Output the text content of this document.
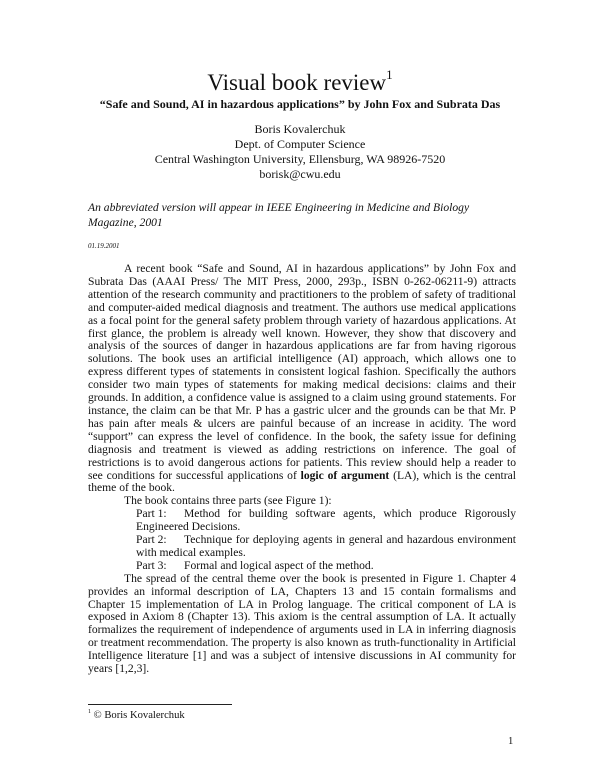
Visual book review$^1$
“Safe and Sound, AI in hazardous applications” by John Fox and Subrata Das
Boris Kovalerchuk
Dept. of Computer Science
Central Washington University, Ellensburg, WA 98926-7520
borisk@cwu.edu
An abbreviated version will appear in IEEE Engineering in Medicine and Biology Magazine, 2001
01.19.2001

A recent book “Safe and Sound, AI in hazardous applications” by John Fox and Subrata Das (AAAI Press/ The MIT Press, 2000, 293p., ISBN 0-262-06211-9) attracts attention of the research community and practitioners to the problem of safety of traditional and computer-aided medical diagnosis and treatment. The authors use medical applications as a focal point for the general safety problem through variety of hazardous applications. At first glance, the problem is already well known. However, they show that discovery and analysis of the sources of danger in hazardous applications are far from having rigorous solutions. The book uses an artificial intelligence (AI) approach, which allows one to express different types of statements in consistent logical fashion. Specifically the authors consider two main types of statements for making medical decisions: claims and their grounds. In addition, a confidence value is assigned to a claim using ground statements. For instance, the claim can be that Mr. P has a gastric ulcer and the grounds can be that Mr. P has pain after meals & ulcers are painful because of an increase in acidity. The word “support” can express the level of confidence. In the book, the safety issue for defining diagnosis and treatment is viewed as adding restrictions on inference. The goal of restrictions is to avoid dangerous actions for patients. This review should help a reader to see conditions for successful applications of logic of argument (LA), which is the central theme of the book.

The book contains three parts (see Figure 1):

Part 1: Method for building software agents, which produce Rigorously Engineered Decisions.

Part 2: Technique for deploying agents in general and hazardous environment with medical examples.

Part 3: Formal and logical aspect of the method.

The spread of the central theme over the book is presented in Figure 1. Chapter 4 provides an informal description of LA, Chapters 13 and 15 contain formalisms and Chapter 15 implementation of LA in Prolog language. The critical component of LA is exposed in Axiom 8 (Chapter 13). This axiom is the central assumption of LA. It actually formalizes the requirement of independence of arguments used in LA in inferring diagnosis or treatment recommendation. The property is also known as truth-functionality in Artificial Intelligence literature [1] and was a subject of intensive discussions in AI community for years [1,2,3].

$^1$ © Boris Kovalerchuk
1
